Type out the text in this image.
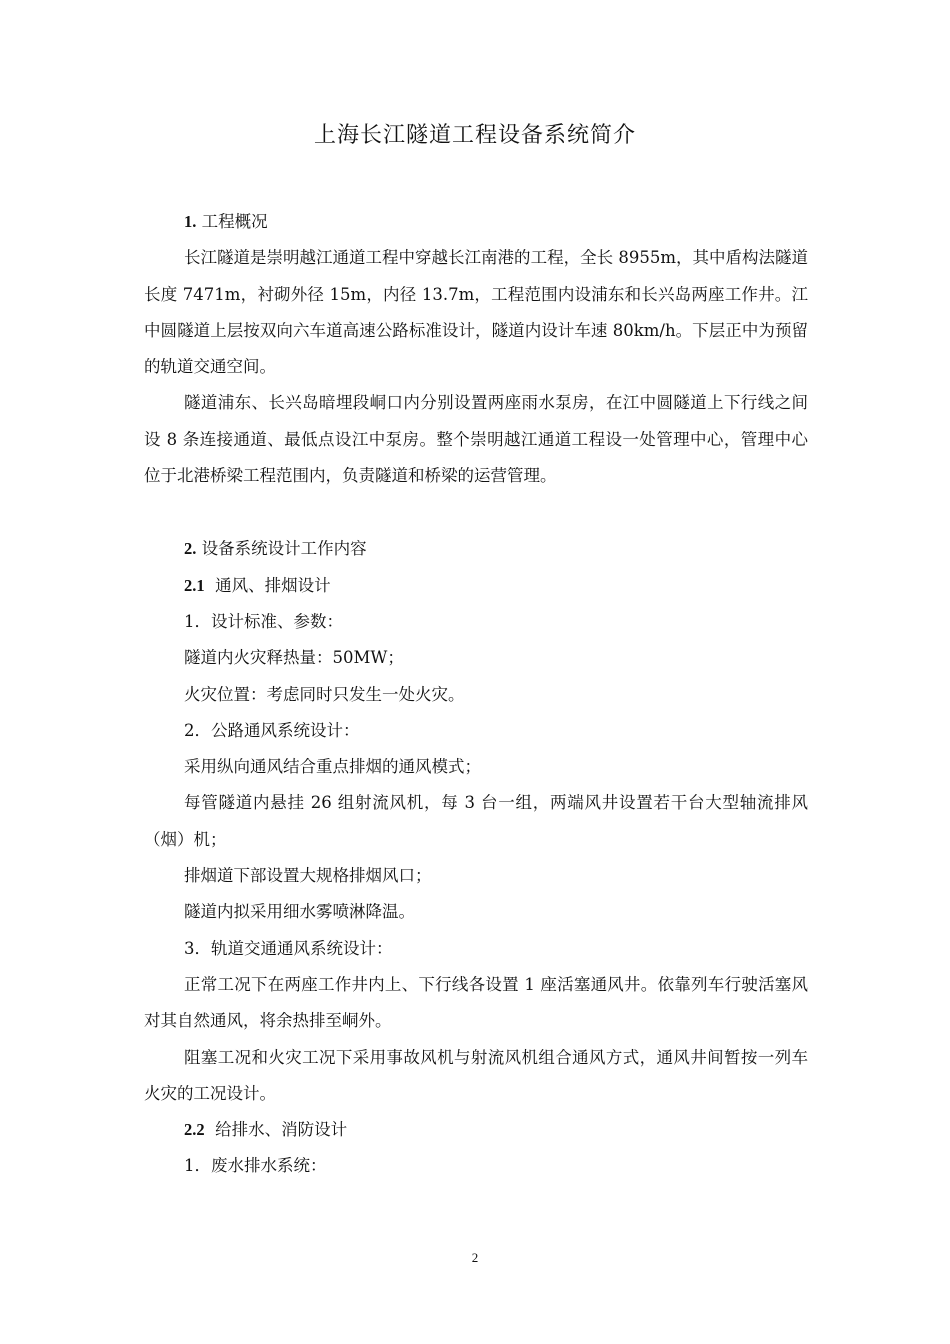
上海长江隧道工程设备系统简介

1. 工程概况

长江隧道是崇明越江通道工程中穿越长江南港的工程，全长 8955m，其中盾构法隧道长度 7471m，衬砌外径 15m，内径 13.7m，工程范围内设浦东和长兴岛两座工作井。江中圆隧道上层按双向六车道高速公路标准设计，隧道内设计车速 80km/h。下层正中为预留的轨道交通空间。

隧道浦东、长兴岛暗埋段峒口内分别设置两座雨水泵房，在江中圆隧道上下行线之间设 8 条连接通道、最低点设江中泵房。整个崇明越江通道工程设一处管理中心，管理中心位于北港桥梁工程范围内，负责隧道和桥梁的运营管理。

2. 设备系统设计工作内容

2.1 通风、排烟设计

1．设计标准、参数：

隧道内火灾释热量：50MW；

火灾位置：考虑同时只发生一处火灾。

2．公路通风系统设计：

采用纵向通风结合重点排烟的通风模式；

每管隧道内悬挂 26 组射流风机，每 3 台一组，两端风井设置若干台大型轴流排风（烟）机；

排烟道下部设置大规格排烟风口；

隧道内拟采用细水雾喷淋降温。

3．轨道交通通风系统设计：

正常工况下在两座工作井内上、下行线各设置 1 座活塞通风井。依靠列车行驶活塞风对其自然通风，将余热排至峒外。

阻塞工况和火灾工况下采用事故风机与射流风机组合通风方式，通风井间暂按一列车火灾的工况设计。

2.2 给排水、消防设计

1．废水排水系统：

2
